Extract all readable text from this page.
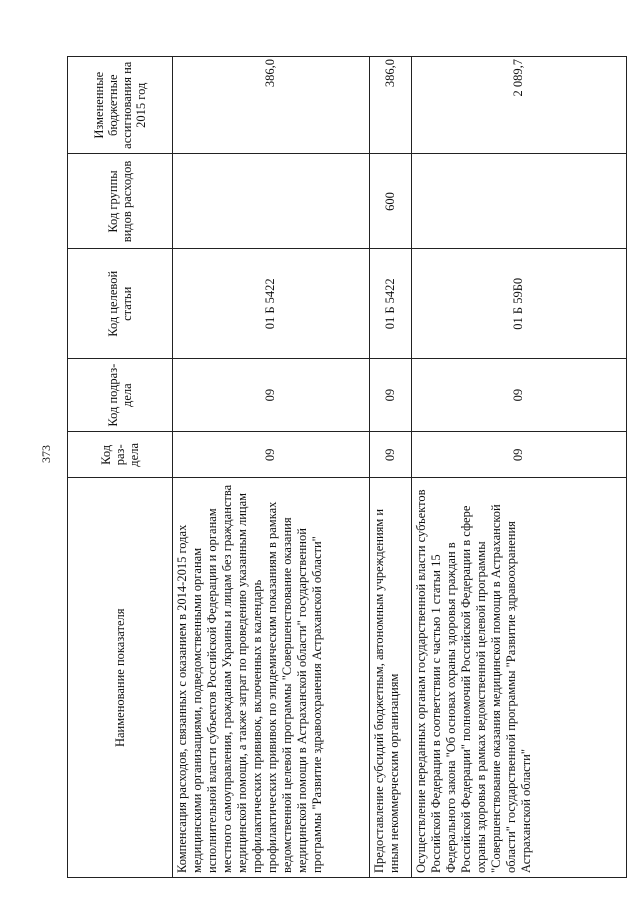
373
Наименование показателя	Код раз-дела	Код подраз-дела	Код целевой статьи	Код группы видов расходов	Измененные бюджетные ассигнования на 2015 год
Компенсация расходов, связанных с оказанием в 2014-2015 годах медицинскими организациями, подведомственными органам исполнительной власти субъектов Российской Федерации и органам местного самоуправления, гражданам Украины и лицам без гражданства медицинской помощи, а также затрат по проведению указанным лицам профилактических прививок, включенных в календарь профилактических прививок по эпидемическим показаниям в рамках ведомственной целевой программы "Совершенствование оказания медицинской помощи в Астраханской области" государственной программы "Развитие здравоохранения Астраханской области"	09	09	01 Б 5422		386,0
Предоставление субсидий бюджетным, автономным учреждениям и иным некоммерческим организациям	09	09	01 Б 5422	600	386,0
Осуществление переданных органам государственной власти субъектов Российской Федерации в соответствии с частью 1 статьи 15 Федерального закона "Об основах охраны здоровья граждан в Российской Федерации" полномочий Российской Федерации в сфере охраны здоровья в рамках ведомственной целевой программы "Совершенствование оказания медицинской помощи в Астраханской области" государственной программы "Развитие здравоохранения Астраханской области"	09	09	01 Б 59Б0		2 089,7
